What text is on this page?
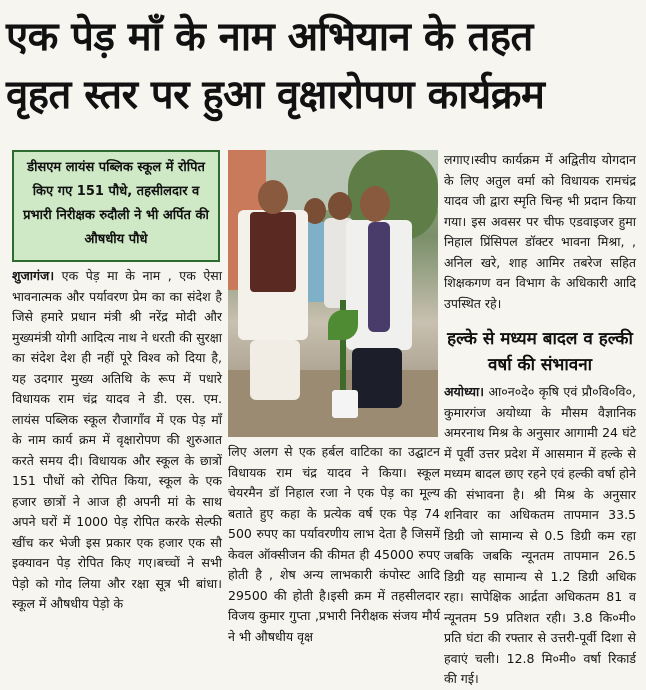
एक पेड़ माँ के नाम अभियान के तहत
वृहत स्तर पर हुआ वृक्षारोपण कार्यक्रम
डीसएम लायंस पब्लिक स्कूल में रोपित किए गए 151 पौधे, तहसीलदार व प्रभारी निरीक्षक रुदौली ने भी अर्पित की औषधीय पौधे
शुजागंज। एक पेड़ मा के नाम , एक ऐसा भावनात्मक और पर्यावरण प्रेम का का संदेश है जिसे हमारे प्रधान मंत्री श्री नरेंद्र मोदी और मुख्यमंत्री योगी आदित्य नाथ ने धरती की सुरक्षा का संदेश देश ही नहीं पूरे विश्व को दिया है, यह उदगार मुख्य अतिथि के रूप में पधारे विधायक राम चंद्र यादव ने डी. एस. एम. लायंस पब्लिक स्कूल रौजागाँव में एक पेड़ माँ के नाम कार्य क्रम में वृक्षारोपण की शुरुआत करते समय दी। विधायक और स्कूल के छात्रों 151 पौधों को रोपित किया, स्कूल के एक हजार छात्रों ने आज ही अपनी मां के साथ अपने घरों में 1000 पेड़ रोपित करके सेल्फी खींच कर भेजी इस प्रकार एक हजार एक सौ इक्यावन पेड़ रोपित किए गए।बच्चों ने सभी पेड़ो को गोद लिया और रक्षा सूत्र भी बांधा। स्कूल में औषधीय पेड़ो के
लिए अलग से एक हर्बल वाटिका का उद्घाटन विधायक राम चंद्र यादव ने किया। स्कूल चेयरमैन डॉ निहाल रजा ने एक पेड़ का मूल्य बताते हुए कहा के प्रत्येक वर्ष एक पेड़ 74 500 रुपए का पर्यावरणीय लाभ देता है जिसमें केवल ऑक्सीजन की कीमत ही 45000 रुपए होती है , शेष अन्य लाभकारी कंपोस्ट आदि 29500 की होती है।इसी क्रम में तहसीलदार विजय कुमार गुप्ता ,प्रभारी निरीक्षक संजय मौर्य ने भी औषधीय वृक्ष
लगाए।स्वीप कार्यक्रम में अद्वितीय योगदान के लिए अतुल वर्मा को विधायक रामचंद्र यादव जी द्वारा स्मृति चिन्ह भी प्रदान किया गया। इस अवसर पर चीफ एडवाइजर हुमा निहाल प्रिंसिपल डॉक्टर भावना मिश्रा, , अनिल खरे, शाह आमिर तबरेज सहित शिक्षकगण वन विभाग के अधिकारी आदि उपस्थित रहे।
हल्के से मध्यम बादल व हल्की वर्षा की संभावना
अयोध्या। आ०न०दे० कृषि एवं प्रौ०वि०वि०, कुमारगंज अयोध्या के मौसम वैज्ञानिक अमरनाथ मिश्र के अनुसार आगामी 24 घंटे में पूर्वी उत्तर प्रदेश में आसमान में हल्के से मध्यम बादल छाए रहने एवं हल्की वर्षा होने की संभावना है। श्री मिश्र के अनुसार शनिवार का अधिकतम तापमान 33.5 डिग्री जो सामान्य से 0.5 डिग्री कम रहा जबकि जबकि न्यूनतम तापमान 26.5 डिग्री यह सामान्य से 1.2 डिग्री अधिक रहा। सापेक्षिक आर्द्रता अधिकतम 81 व न्यूनतम 59 प्रतिशत रही। 3.8 कि०मी० प्रति घंटा की रफ्तार से उत्तरी-पूर्वी दिशा से हवाएं चली। 12.8 मि०मी० वर्षा रिकार्ड की गई।
